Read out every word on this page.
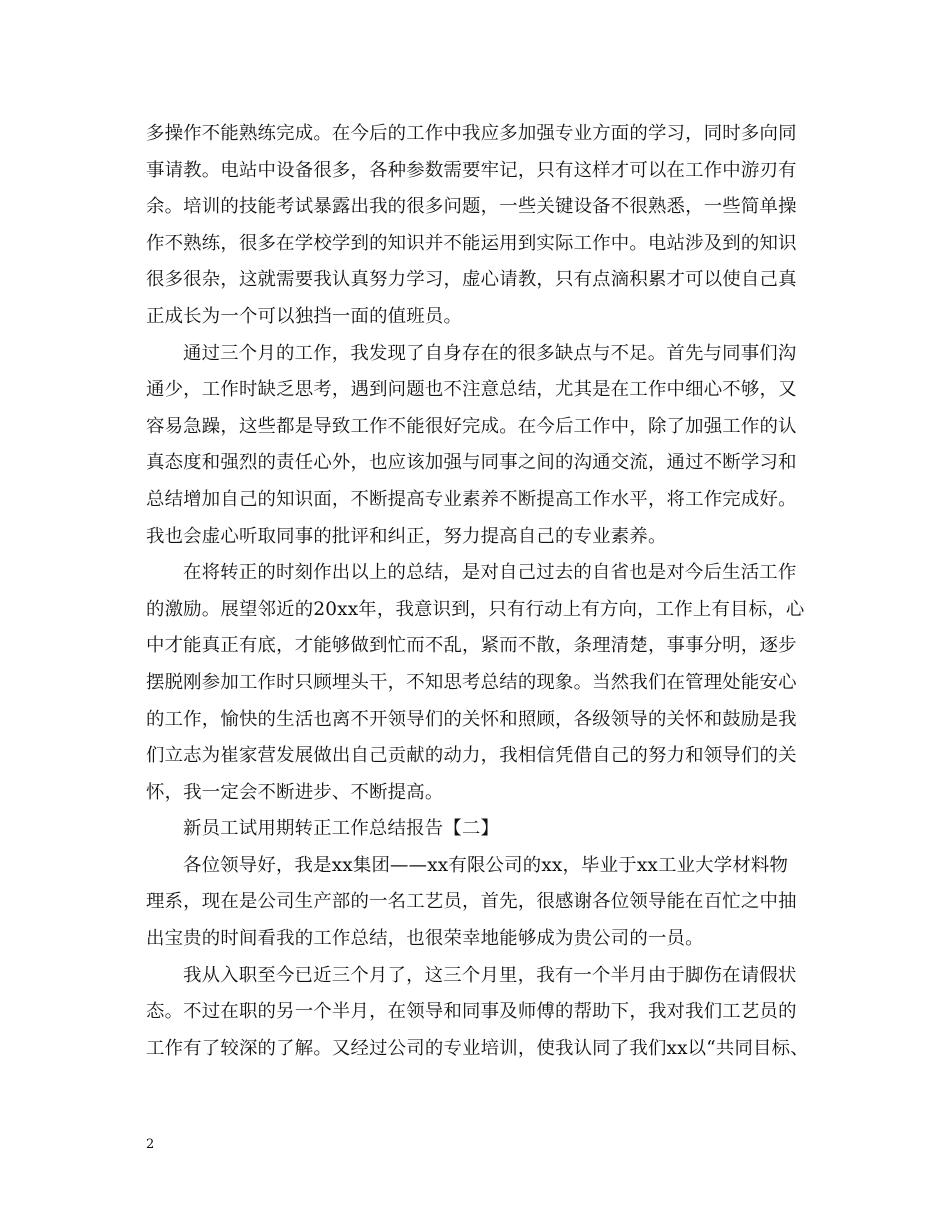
多操作不能熟练完成。在今后的工作中我应多加强专业方面的学习，同时多向同
事请教。电站中设备很多，各种参数需要牢记，只有这样才可以在工作中游刃有
余。培训的技能考试暴露出我的很多问题，一些关键设备不很熟悉，一些简单操
作不熟练，很多在学校学到的知识并不能运用到实际工作中。电站涉及到的知识
很多很杂，这就需要我认真努力学习，虚心请教，只有点滴积累才可以使自己真
正成长为一个可以独挡一面的值班员。
通过三个月的工作，我发现了自身存在的很多缺点与不足。首先与同事们沟
通少，工作时缺乏思考，遇到问题也不注意总结，尤其是在工作中细心不够，又
容易急躁，这些都是导致工作不能很好完成。在今后工作中，除了加强工作的认
真态度和强烈的责任心外，也应该加强与同事之间的沟通交流，通过不断学习和
总结增加自己的知识面，不断提高专业素养不断提高工作水平，将工作完成好。
我也会虚心听取同事的批评和纠正，努力提高自己的专业素养。
在将转正的时刻作出以上的总结，是对自己过去的自省也是对今后生活工作
的激励。展望邻近的20xx年，我意识到，只有行动上有方向，工作上有目标，心
中才能真正有底，才能够做到忙而不乱，紧而不散，条理清楚，事事分明，逐步
摆脱刚参加工作时只顾埋头干，不知思考总结的现象。当然我们在管理处能安心
的工作，愉快的生活也离不开领导们的关怀和照顾，各级领导的关怀和鼓励是我
们立志为崔家营发展做出自己贡献的动力，我相信凭借自己的努力和领导们的关
怀，我一定会不断进步、不断提高。
新员工试用期转正工作总结报告【二】
各位领导好，我是xx集团——xx有限公司的xx，毕业于xx工业大学材料物
理系，现在是公司生产部的一名工艺员，首先，很感谢各位领导能在百忙之中抽
出宝贵的时间看我的工作总结，也很荣幸地能够成为贵公司的一员。
我从入职至今已近三个月了，这三个月里，我有一个半月由于脚伤在请假状
态。不过在职的另一个半月，在领导和同事及师傅的帮助下，我对我们工艺员的
工作有了较深的了解。又经过公司的专业培训，使我认同了我们xx以“共同目标、
2
